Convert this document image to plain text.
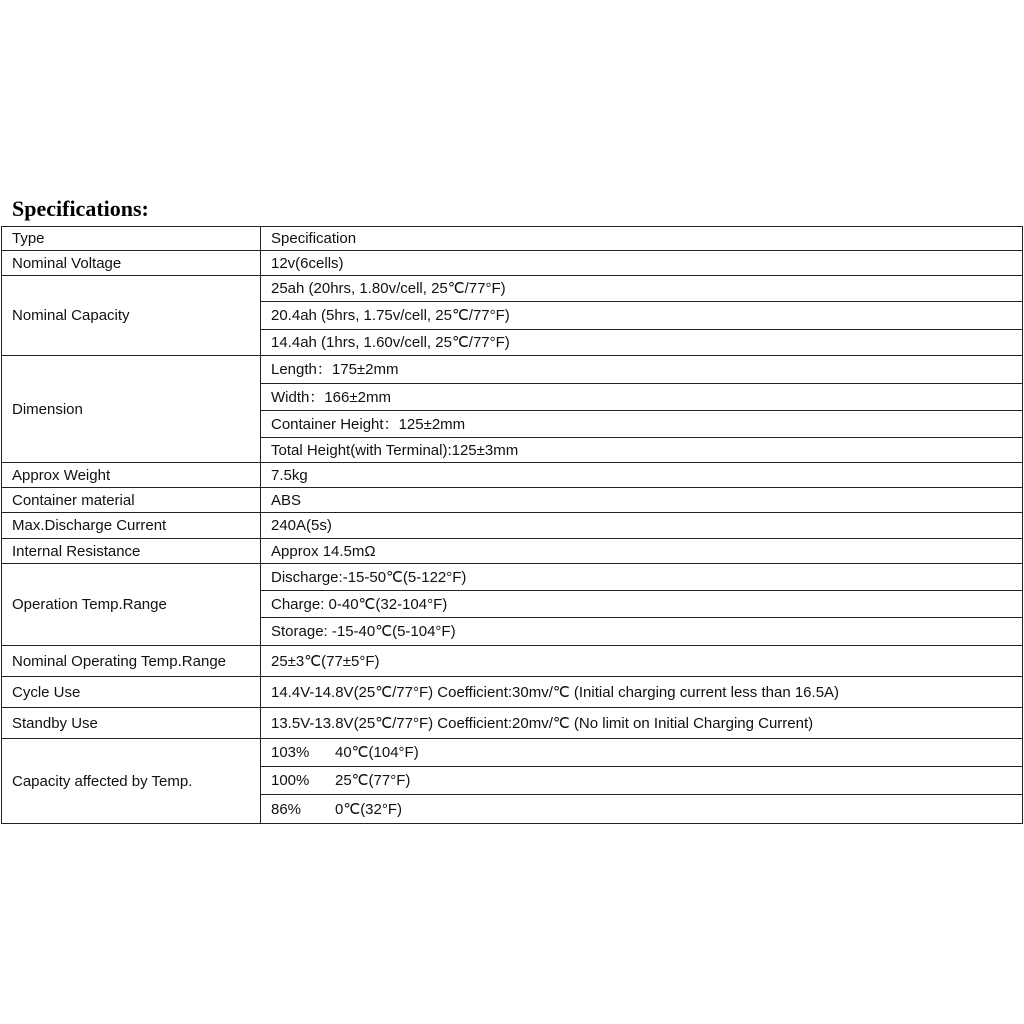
Specifications:
Type	Specification
Nominal Voltage	12v(6cells)
Nominal Capacity	25ah (20hrs, 1.80v/cell, 25℃/77°F)
	20.4ah (5hrs, 1.75v/cell, 25℃/77°F)
	14.4ah (1hrs, 1.60v/cell, 25℃/77°F)
Dimension	Length：175±2mm
	Width：166±2mm
	Container Height：125±2mm
	Total Height(with Terminal):125±3mm
Approx Weight	7.5kg
Container material	ABS
Max.Discharge Current	240A(5s)
Internal Resistance	Approx 14.5mΩ
Operation Temp.Range	Discharge:-15-50℃(5-122°F)
	Charge: 0-40℃(32-104°F)
	Storage: -15-40℃(5-104°F)
Nominal Operating Temp.Range	25±3℃(77±5°F)
Cycle Use	14.4V-14.8V(25℃/77°F) Coefficient:30mv/℃ (Initial charging current less than 16.5A)
Standby Use	13.5V-13.8V(25℃/77°F) Coefficient:20mv/℃ (No limit on Initial Charging Current)
Capacity affected by Temp.	103% 40℃(104°F)
	100% 25℃(77°F)
	86% 0℃(32°F)
